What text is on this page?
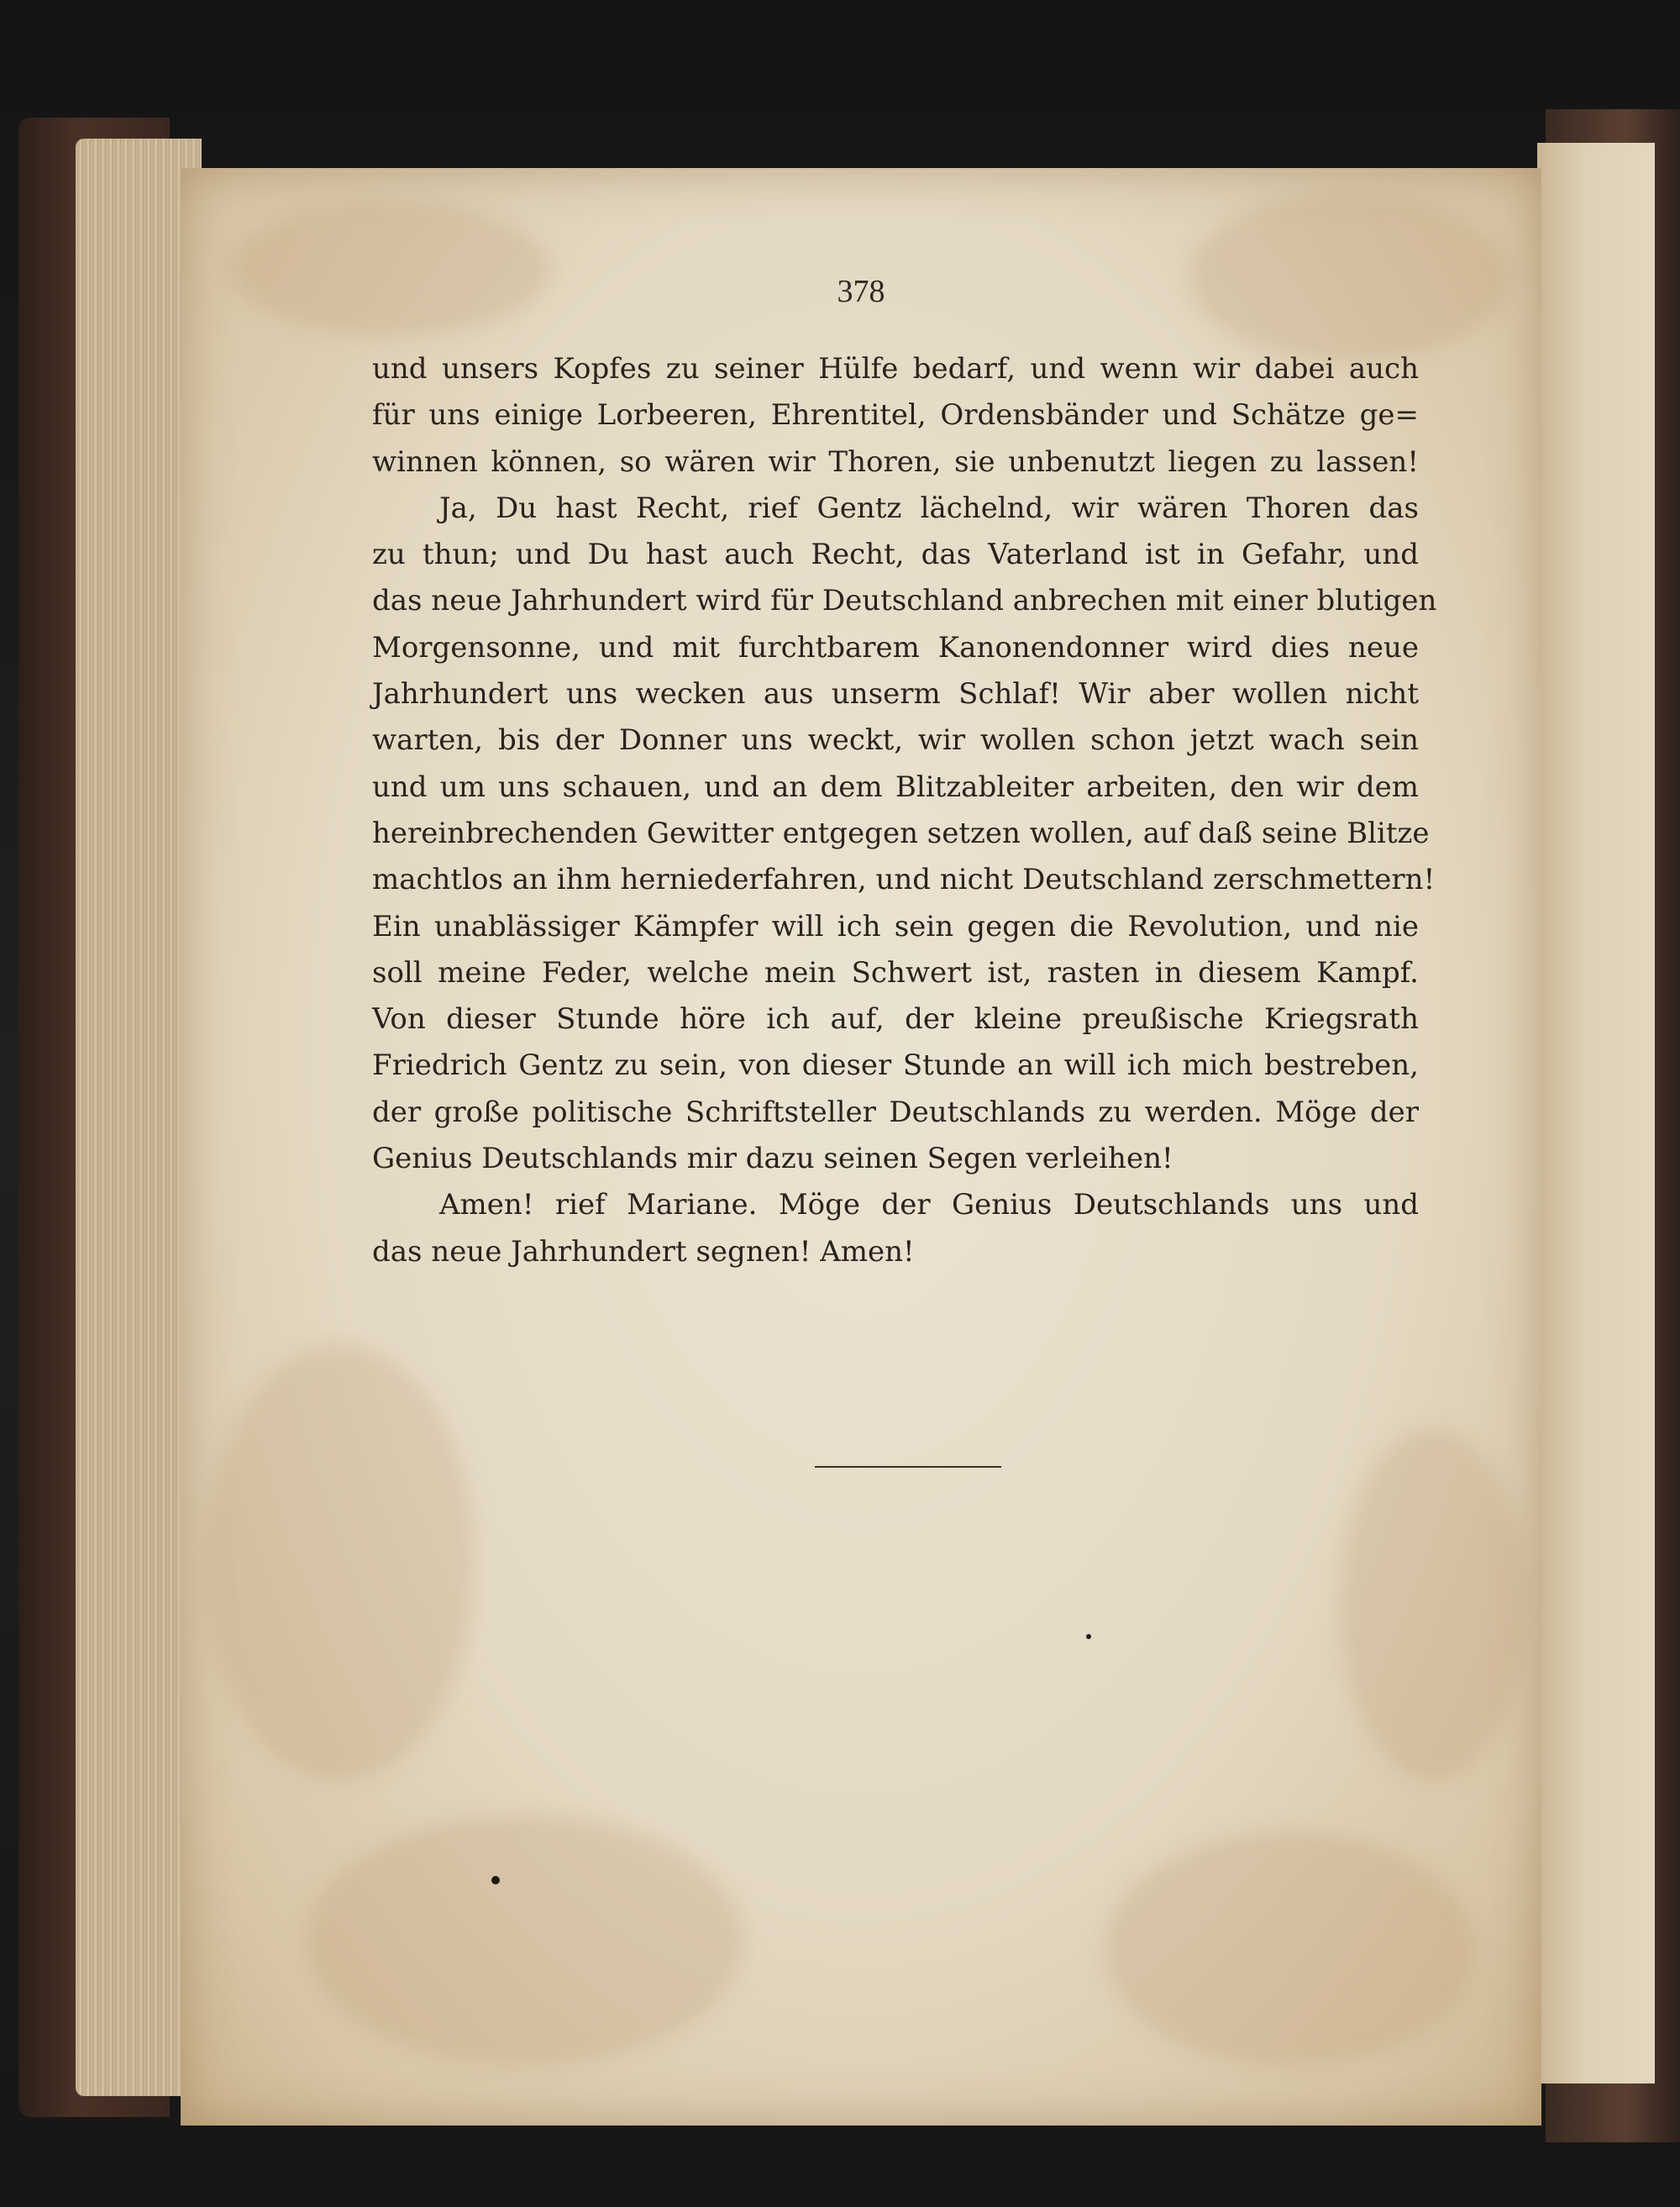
378
und unsers Kopfes zu seiner Hülfe bedarf, und wenn wir dabei auch
für uns einige Lorbeeren, Ehrentitel, Ordensbänder und Schätze ge=
winnen können, so wären wir Thoren, sie unbenutzt liegen zu lassen!
Ja, Du hast Recht, rief Gentz lächelnd, wir wären Thoren das
zu thun; und Du hast auch Recht, das Vaterland ist in Gefahr, und
das neue Jahrhundert wird für Deutschland anbrechen mit einer blutigen
Morgensonne, und mit furchtbarem Kanonendonner wird dies neue
Jahrhundert uns wecken aus unserm Schlaf! Wir aber wollen nicht
warten, bis der Donner uns weckt, wir wollen schon jetzt wach sein
und um uns schauen, und an dem Blitzableiter arbeiten, den wir dem
hereinbrechenden Gewitter entgegen setzen wollen, auf daß seine Blitze
machtlos an ihm herniederfahren, und nicht Deutschland zerschmettern!
Ein unablässiger Kämpfer will ich sein gegen die Revolution, und nie
soll meine Feder, welche mein Schwert ist, rasten in diesem Kampf.
Von dieser Stunde höre ich auf, der kleine preußische Kriegsrath
Friedrich Gentz zu sein, von dieser Stunde an will ich mich bestreben,
der große politische Schriftsteller Deutschlands zu werden. Möge der
Genius Deutschlands mir dazu seinen Segen verleihen!
Amen! rief Mariane. Möge der Genius Deutschlands uns und
das neue Jahrhundert segnen! Amen!
